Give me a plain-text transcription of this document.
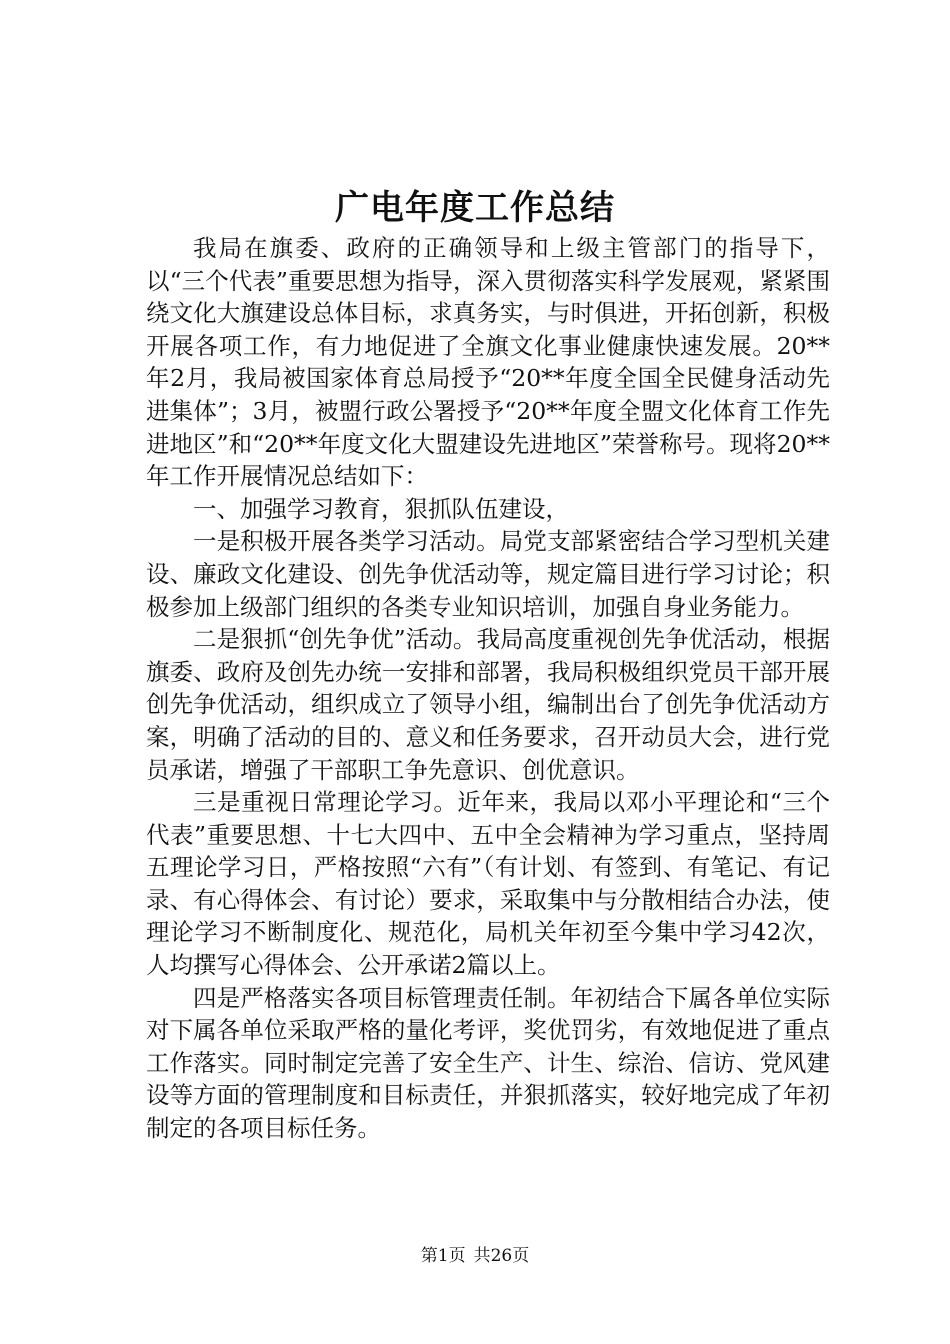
广电年度工作总结

我局在旗委、政府的正确领导和上级主管部门的指导下，以“三个代表”重要思想为指导，深入贯彻落实科学发展观，紧紧围绕文化大旗建设总体目标，求真务实，与时俱进，开拓创新，积极开展各项工作，有力地促进了全旗文化事业健康快速发展。20**年2月，我局被国家体育总局授予“20**年度全国全民健身活动先进集体”；3月，被盟行政公署授予“20**年度全盟文化体育工作先进地区”和“20**年度文化大盟建设先进地区”荣誉称号。现将20**年工作开展情况总结如下：

一、加强学习教育，狠抓队伍建设，

一是积极开展各类学习活动。局党支部紧密结合学习型机关建设、廉政文化建设、创先争优活动等，规定篇目进行学习讨论；积极参加上级部门组织的各类专业知识培训，加强自身业务能力。

二是狠抓“创先争优”活动。我局高度重视创先争优活动，根据旗委、政府及创先办统一安排和部署，我局积极组织党员干部开展创先争优活动，组织成立了领导小组，编制出台了创先争优活动方案，明确了活动的目的、意义和任务要求，召开动员大会，进行党员承诺，增强了干部职工争先意识、创优意识。

三是重视日常理论学习。近年来，我局以邓小平理论和“三个代表”重要思想、十七大四中、五中全会精神为学习重点，坚持周五理论学习日，严格按照“六有”（有计划、有签到、有笔记、有记录、有心得体会、有讨论）要求，采取集中与分散相结合办法，使理论学习不断制度化、规范化，局机关年初至今集中学习42次，人均撰写心得体会、公开承诺2篇以上。

四是严格落实各项目标管理责任制。年初结合下属各单位实际对下属各单位采取严格的量化考评，奖优罚劣，有效地促进了重点工作落实。同时制定完善了安全生产、计生、综治、信访、党风建设等方面的管理制度和目标责任，并狠抓落实，较好地完成了年初制定的各项目标任务。

第1页 共26页
